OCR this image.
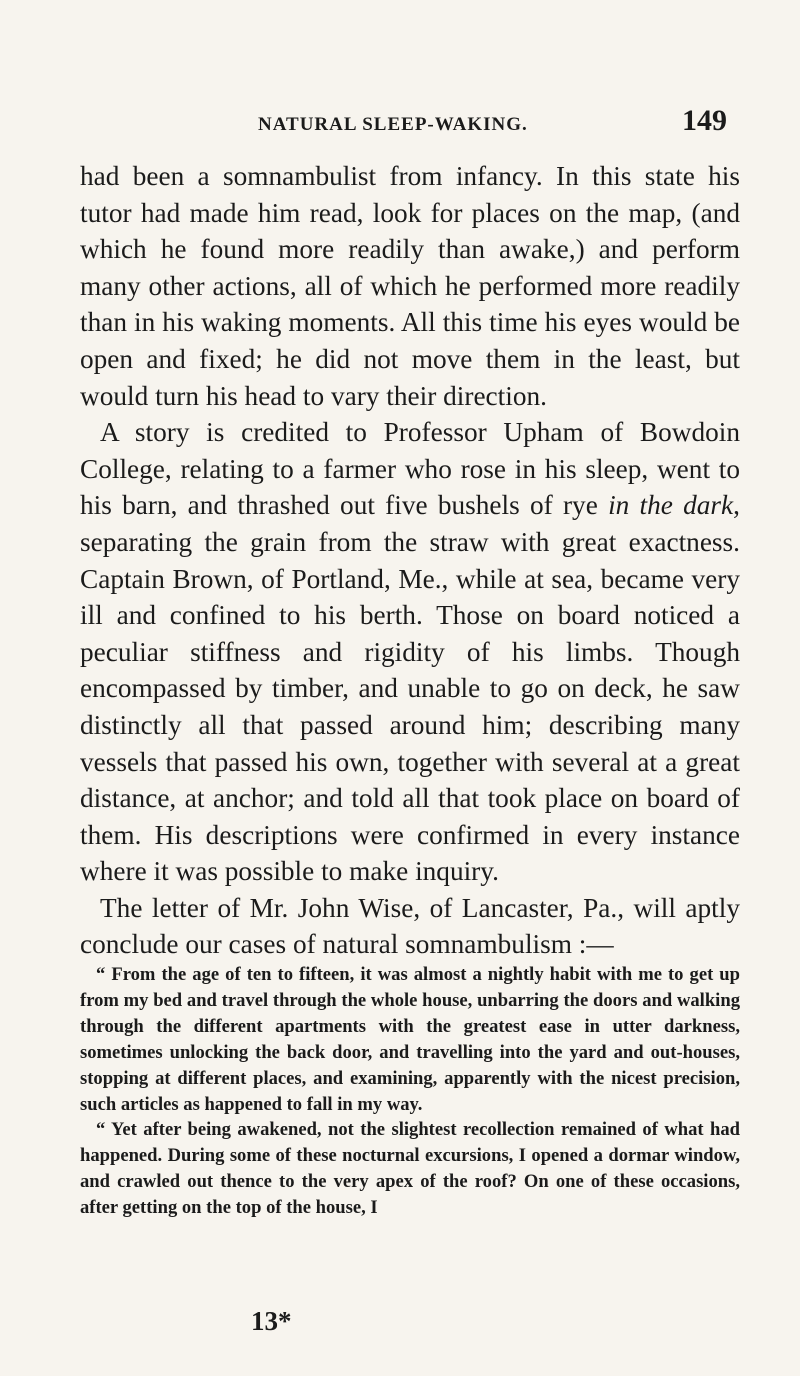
NATURAL SLEEP-WAKING.	149

had been a somnambulist from infancy. In this state his tutor had made him read, look for places on the map, (and which he found more readily than awake,) and perform many other actions, all of which he performed more readily than in his waking moments. All this time his eyes would be open and fixed; he did not move them in the least, but would turn his head to vary their direction.

A story is credited to Professor Upham of Bowdoin College, relating to a farmer who rose in his sleep, went to his barn, and thrashed out five bushels of rye in the dark, separating the grain from the straw with great exactness. Captain Brown, of Portland, Me., while at sea, became very ill and confined to his berth. Those on board noticed a peculiar stiffness and rigidity of his limbs. Though encompassed by timber, and unable to go on deck, he saw distinctly all that passed around him; describing many vessels that passed his own, together with several at a great distance, at anchor; and told all that took place on board of them. His descriptions were confirmed in every instance where it was possible to make inquiry.

The letter of Mr. John Wise, of Lancaster, Pa., will aptly conclude our cases of natural somnambulism :—

“ From the age of ten to fifteen, it was almost a nightly habit with me to get up from my bed and travel through the whole house, unbarring the doors and walking through the different apartments with the greatest ease in utter darkness, sometimes unlocking the back door, and travelling into the yard and out-houses, stopping at different places, and examining, apparently with the nicest precision, such articles as happened to fall in my way.

“ Yet after being awakened, not the slightest recollection remained of what had happened. During some of these nocturnal excursions, I opened a dormar window, and crawled out thence to the very apex of the roof? On one of these occasions, after getting on the top of the house, I

13*
